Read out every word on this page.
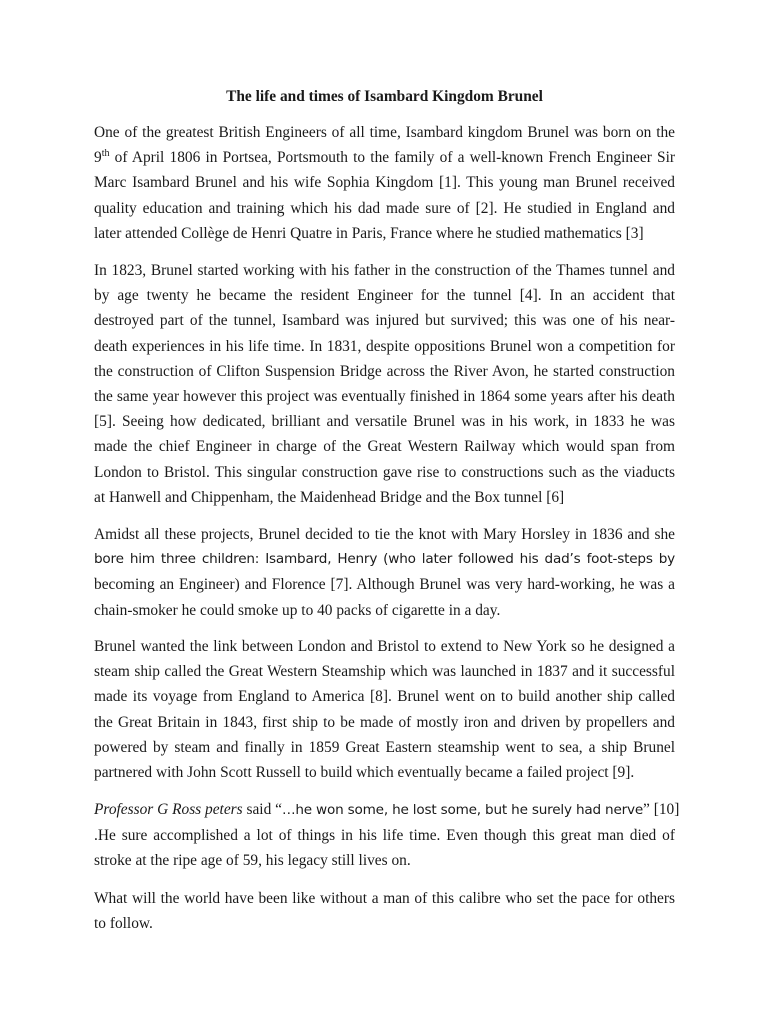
The life and times of Isambard Kingdom Brunel

One of the greatest British Engineers of all time, Isambard kingdom Brunel was born on the
9th of April 1806 in Portsea, Portsmouth to the family of a well-known French Engineer Sir
Marc Isambard Brunel and his wife Sophia Kingdom [1]. This young man Brunel received
quality education and training which his dad made sure of [2]. He studied in England and
later attended Collège de Henri Quatre in Paris, France where he studied mathematics [3]

In 1823, Brunel started working with his father in the construction of the Thames tunnel and
by age twenty he became the resident Engineer for the tunnel [4]. In an accident that
destroyed part of the tunnel, Isambard was injured but survived; this was one of his near-
death experiences in his life time. In 1831, despite oppositions Brunel won a competition for
the construction of Clifton Suspension Bridge across the River Avon, he started construction
the same year however this project was eventually finished in 1864 some years after his death
[5]. Seeing how dedicated, brilliant and versatile Brunel was in his work, in 1833 he was
made the chief Engineer in charge of the Great Western Railway which would span from
London to Bristol. This singular construction gave rise to constructions such as the viaducts
at Hanwell and Chippenham, the Maidenhead Bridge and the Box tunnel [6]

Amidst all these projects, Brunel decided to tie the knot with Mary Horsley in 1836 and she
bore him three children: Isambard, Henry (who later followed his dad’s foot-steps by
becoming an Engineer) and Florence [7]. Although Brunel was very hard-working, he was a
chain-smoker he could smoke up to 40 packs of cigarette in a day.

Brunel wanted the link between London and Bristol to extend to New York so he designed a
steam ship called the Great Western Steamship which was launched in 1837 and it successful
made its voyage from England to America [8]. Brunel went on to build another ship called
the Great Britain in 1843, first ship to be made of mostly iron and driven by propellers and
powered by steam and finally in 1859 Great Eastern steamship went to sea, a ship Brunel
partnered with John Scott Russell to build which eventually became a failed project [9].

Professor G Ross peters said “…he won some, he lost some, but he surely had nerve” [10]
.He sure accomplished a lot of things in his life time. Even though this great man died of
stroke at the ripe age of 59, his legacy still lives on.

What will the world have been like without a man of this calibre who set the pace for others
to follow.
